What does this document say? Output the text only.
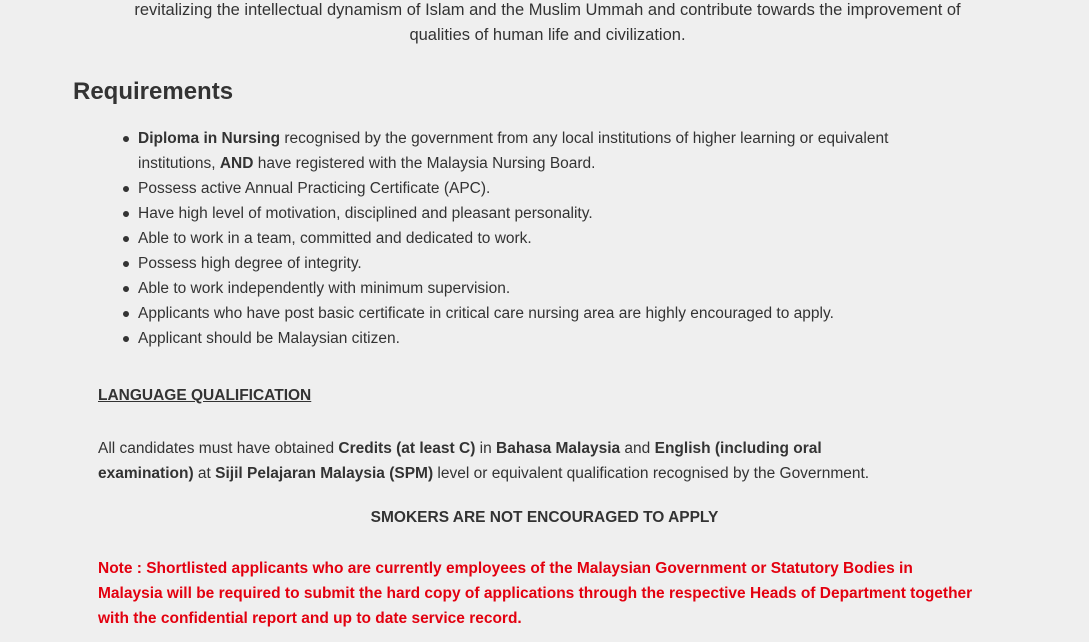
revitalizing the intellectual dynamism of Islam and the Muslim Ummah and contribute towards the improvement of
qualities of human life and civilization.
Requirements
Diploma in Nursing recognised by the government from any local institutions of higher learning or equivalent institutions, AND have registered with the Malaysia Nursing Board.
Possess active Annual Practicing Certificate (APC).
Have high level of motivation, disciplined and pleasant personality.
Able to work in a team, committed and dedicated to work.
Possess high degree of integrity.
Able to work independently with minimum supervision.
Applicants who have post basic certificate in critical care nursing area are highly encouraged to apply.
Applicant should be Malaysian citizen.
LANGUAGE QUALIFICATION
All candidates must have obtained Credits (at least C) in Bahasa Malaysia and English (including oral examination) at Sijil Pelajaran Malaysia (SPM) level or equivalent qualification recognised by the Government.
SMOKERS ARE NOT ENCOURAGED TO APPLY
Note : Shortlisted applicants who are currently employees of the Malaysian Government or Statutory Bodies in Malaysia will be required to submit the hard copy of applications through the respective Heads of Department together with the confidential report and up to date service record.
